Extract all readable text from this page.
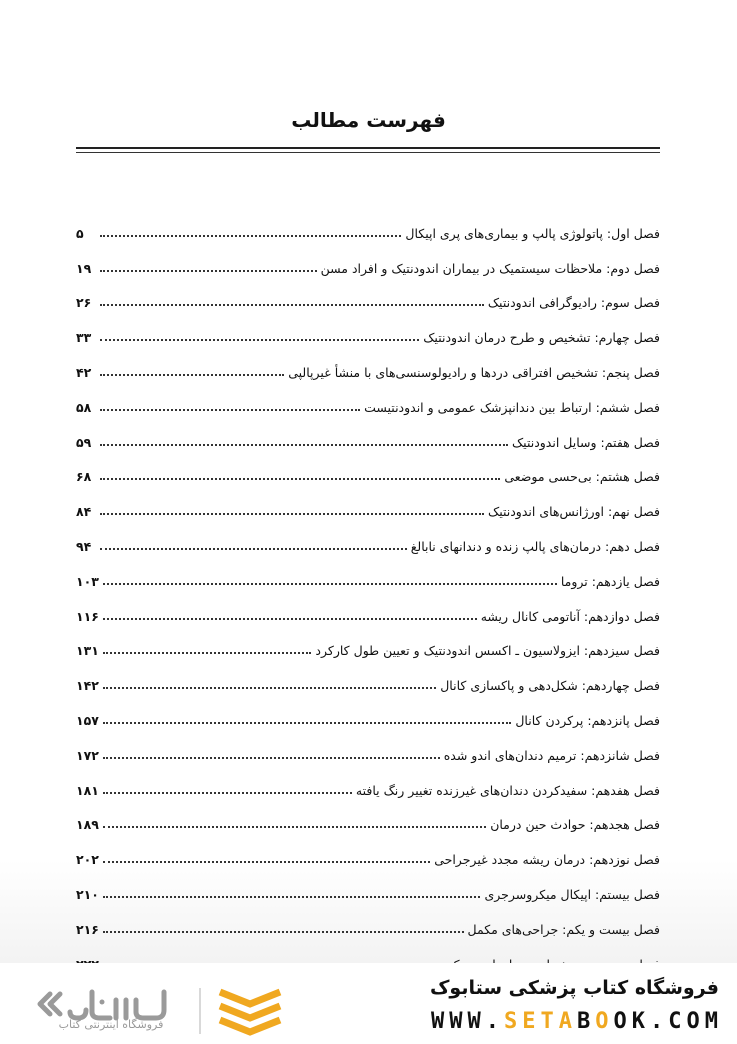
فهرست مطالب
فصل اول: پاتولوژی پالپ و بیماری‌های پری اپیکال
۵
فصل دوم: ملاحظات سیستمیک در بیماران اندودنتیک و افراد مسن
۱۹
فصل سوم: رادیوگرافی اندودنتیک
۲۶
فصل چهارم: تشخیص و طرح درمان اندودنتیک
۳۳
فصل پنجم: تشخیص افتراقی دردها و رادیولوسنسی‌های با منشأ غیرپالپی
۴۲
فصل ششم: ارتباط بین دندانپزشک عمومی و اندودنتیست
۵۸
فصل هفتم: وسایل اندودنتیک
۵۹
فصل هشتم: بی‌حسی موضعی
۶۸
فصل نهم: اورژانس‌های اندودنتیک
۸۴
فصل دهم: درمان‌های پالپ زنده و دندانهای نابالغ
۹۴
فصل یازدهم: تروما
۱۰۳
فصل دوازدهم: آناتومی کانال ریشه
۱۱۶
فصل سیزدهم: ایزولاسیون ـ اکسس اندودنتیک و تعیین طول کارکرد
۱۳۱
فصل چهاردهم: شکل‌دهی و پاکسازی کانال
۱۴۲
فصل پانزدهم: پرکردن کانال
۱۵۷
فصل شانزدهم: ترمیم دندان‌های اندو شده
۱۷۲
فصل هفدهم: سفیدکردن دندان‌های غیرزنده تغییر رنگ یافته
۱۸۱
فصل هجدهم: حوادث حین درمان
۱۸۹
فصل نوزدهم: درمان ریشه مجدد غیرجراحی
۲۰۲
فصل بیستم: اپیکال میکروسرجری
۲۱۰
فصل بیست و یکم: جراحی‌های مکمل
۲۱۶
فروشگاه کتاب پزشکی ستابوک
WWW.SETABOOK.COM
فروشگاه اینترنتی کتاب
